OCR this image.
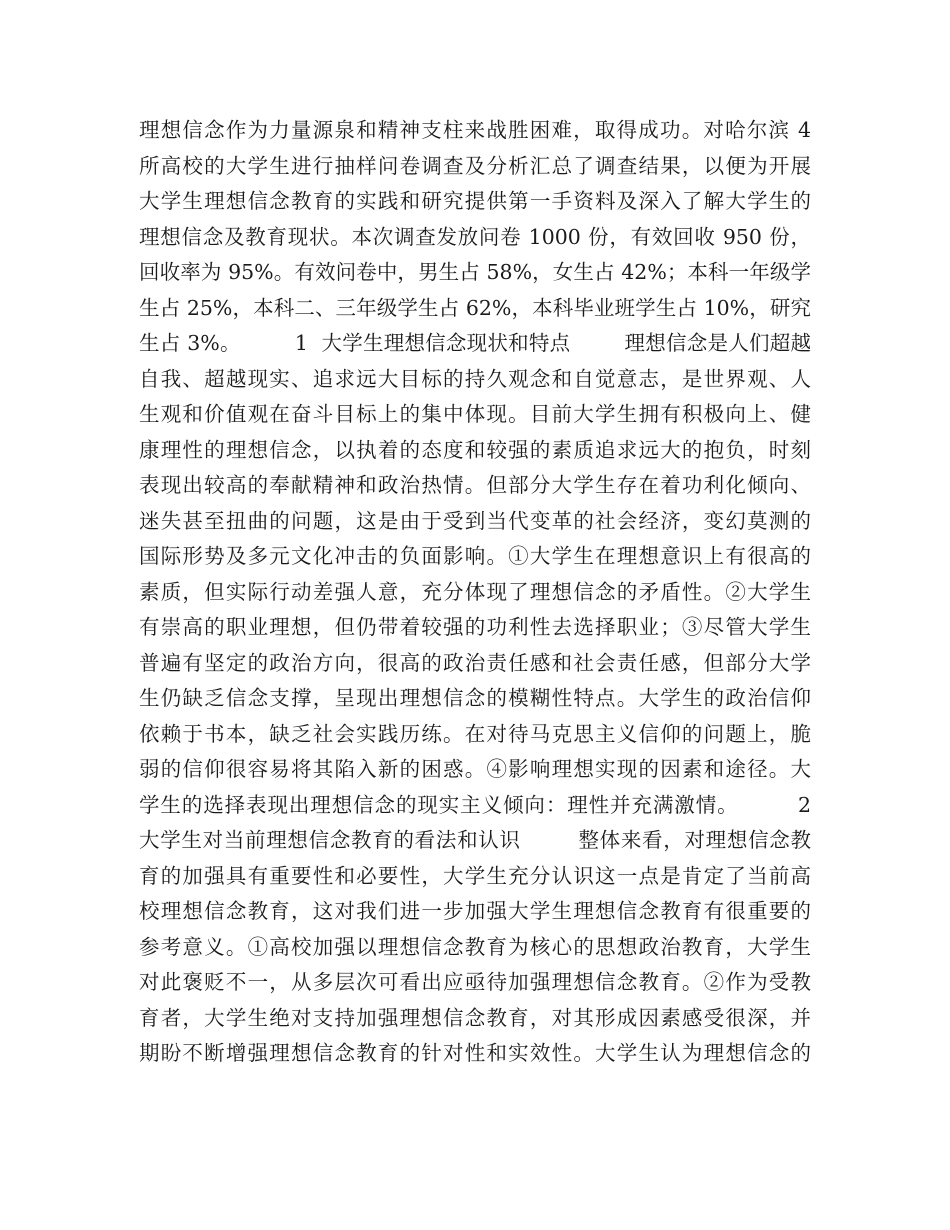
理想信念作为力量源泉和精神支柱来战胜困难，取得成功。对哈尔滨 4
所高校的大学生进行抽样问卷调查及分析汇总了调查结果，以便为开展
大学生理想信念教育的实践和研究提供第一手资料及深入了解大学生的
理想信念及教育现状。本次调查发放问卷 1000 份，有效回收 950 份，
回收率为 95%。有效问卷中，男生占 58%，女生占 42%；本科一年级学
生占 25%，本科二、三年级学生占 62%，本科毕业班学生占 10%，研究
生占 3%。        1  大学生理想信念现状和特点        理想信念是人们超越
自我、超越现实、追求远大目标的持久观念和自觉意志，是世界观、人
生观和价值观在奋斗目标上的集中体现。目前大学生拥有积极向上、健
康理性的理想信念，以执着的态度和较强的素质追求远大的抱负，时刻
表现出较高的奉献精神和政治热情。但部分大学生存在着功利化倾向、
迷失甚至扭曲的问题，这是由于受到当代变革的社会经济，变幻莫测的
国际形势及多元文化冲击的负面影响。①大学生在理想意识上有很高的
素质，但实际行动差强人意，充分体现了理想信念的矛盾性。②大学生
有崇高的职业理想，但仍带着较强的功利性去选择职业；③尽管大学生
普遍有坚定的政治方向，很高的政治责任感和社会责任感，但部分大学
生仍缺乏信念支撑，呈现出理想信念的模糊性特点。大学生的政治信仰
依赖于书本，缺乏社会实践历练。在对待马克思主义信仰的问题上，脆
弱的信仰很容易将其陷入新的困惑。④影响理想实现的因素和途径。大
学生的选择表现出理想信念的现实主义倾向：理性并充满激情。        2
大学生对当前理想信念教育的看法和认识        整体来看，对理想信念教
育的加强具有重要性和必要性，大学生充分认识这一点是肯定了当前高
校理想信念教育，这对我们进一步加强大学生理想信念教育有很重要的
参考意义。①高校加强以理想信念教育为核心的思想政治教育，大学生
对此褒贬不一，从多层次可看出应亟待加强理想信念教育。②作为受教
育者，大学生绝对支持加强理想信念教育，对其形成因素感受很深，并
期盼不断增强理想信念教育的针对性和实效性。大学生认为理想信念的
